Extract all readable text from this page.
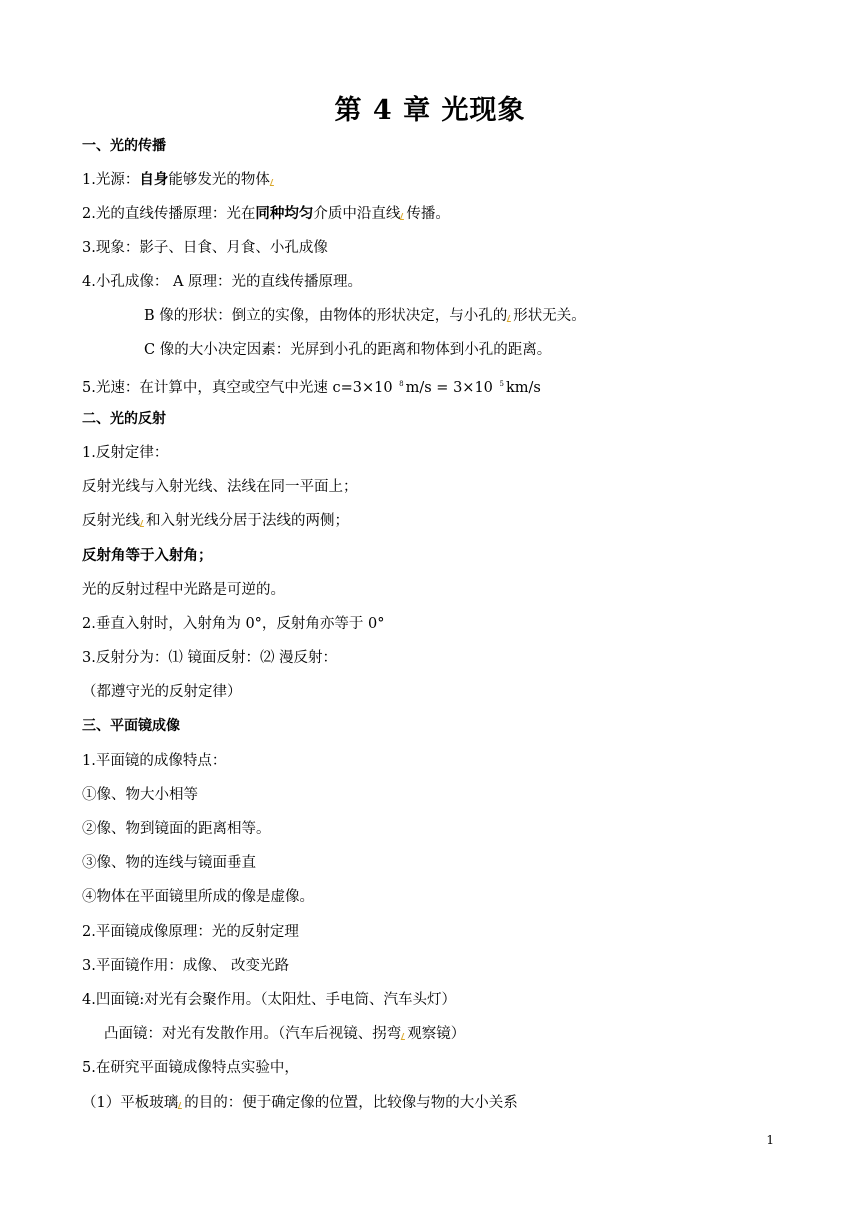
第 4 章 光现象
一、光的传播
1.光源：自身能够发光的物体
2.光的直线传播原理：光在同种均匀介质中沿直线 传播。
3.现象：影子、日食、月食、小孔成像
4.小孔成像： A 原理：光的直线传播原理。
B 像的形状：倒立的实像，由物体的形状决定，与小孔的 形状无关。
C 像的大小决定因素：光屏到小孔的距离和物体到小孔的距离。
5.光速：在计算中，真空或空气中光速 c=3×10 $^8$ m/s = 3×10 $^5$ km/s
二、光的反射
1.反射定律：
反射光线与入射光线、法线在同一平面上；
反射光线 和入射光线分居于法线的两侧；
反射角等于入射角；
光的反射过程中光路是可逆的。
2.垂直入射时，入射角为 0°，反射角亦等于 0°
3.反射分为：⑴ 镜面反射：⑵ 漫反射：
（都遵守光的反射定律）
三、平面镜成像
1.平面镜的成像特点：
①像、物大小相等
②像、物到镜面的距离相等。
③像、物的连线与镜面垂直
④物体在平面镜里所成的像是虚像。
2.平面镜成像原理：光的反射定理
3.平面镜作用：成像、 改变光路
4.凹面镜:对光有会聚作用。（太阳灶、手电筒、汽车头灯）
凸面镜：对光有发散作用。（汽车后视镜、拐弯 观察镜）
5.在研究平面镜成像特点实验中，
（1）平板玻璃 的目的：便于确定像的位置，比较像与物的大小关系
1
